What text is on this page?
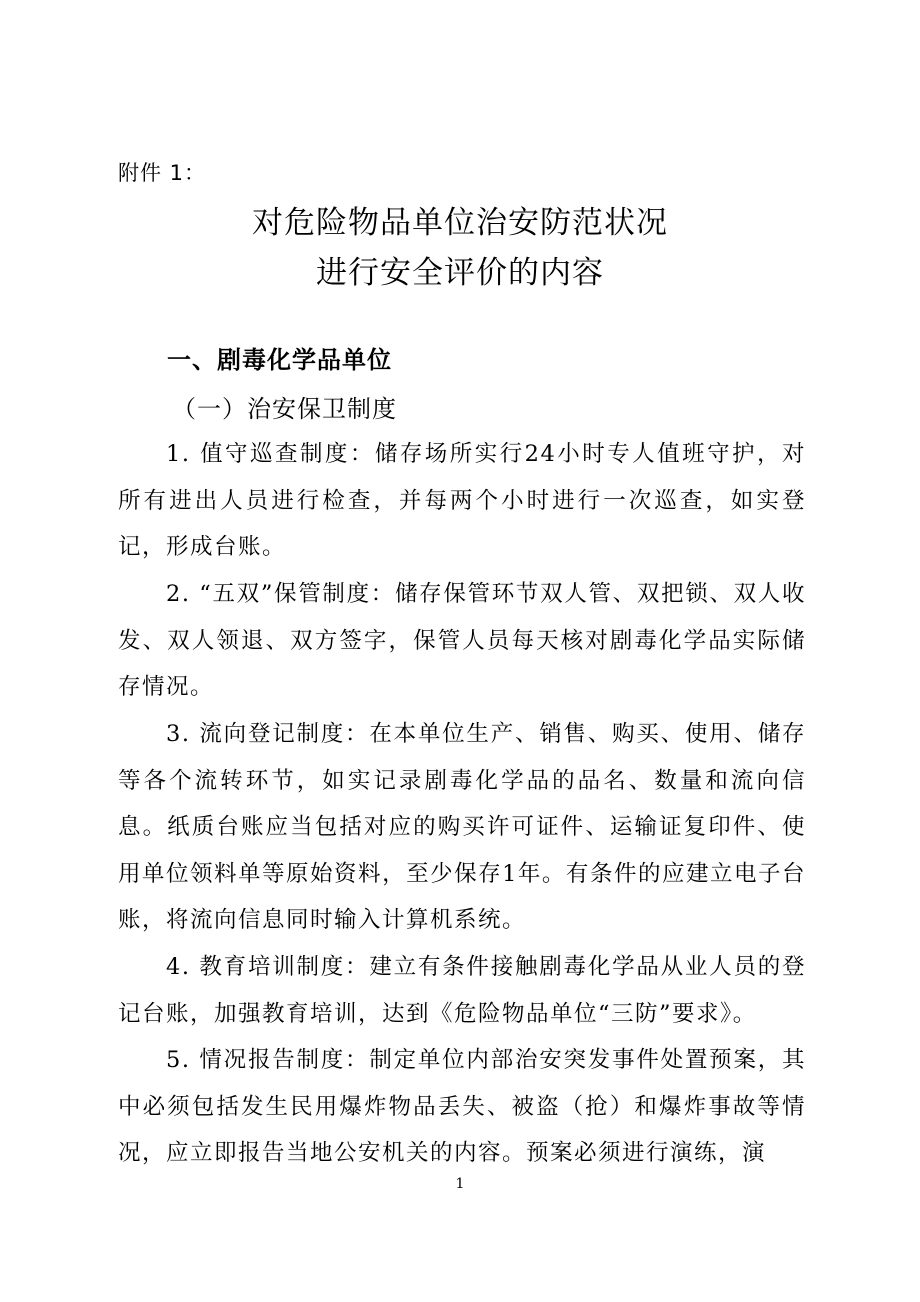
附件 1：
对危险物品单位治安防范状况
进行安全评价的内容
一、剧毒化学品单位
（一）治安保卫制度
1. 值守巡查制度：储存场所实行24小时专人值班守护，对所有进出人员进行检查，并每两个小时进行一次巡查，如实登记，形成台账。
2. “五双”保管制度：储存保管环节双人管、双把锁、双人收发、双人领退、双方签字，保管人员每天核对剧毒化学品实际储存情况。
3. 流向登记制度：在本单位生产、销售、购买、使用、储存等各个流转环节，如实记录剧毒化学品的品名、数量和流向信息。纸质台账应当包括对应的购买许可证件、运输证复印件、使用单位领料单等原始资料，至少保存1年。有条件的应建立电子台账，将流向信息同时输入计算机系统。
4. 教育培训制度：建立有条件接触剧毒化学品从业人员的登记台账，加强教育培训，达到《危险物品单位“三防”要求》。
5. 情况报告制度：制定单位内部治安突发事件处置预案，其中必须包括发生民用爆炸物品丢失、被盗（抢）和爆炸事故等情况，应立即报告当地公安机关的内容。预案必须进行演练，演
1
